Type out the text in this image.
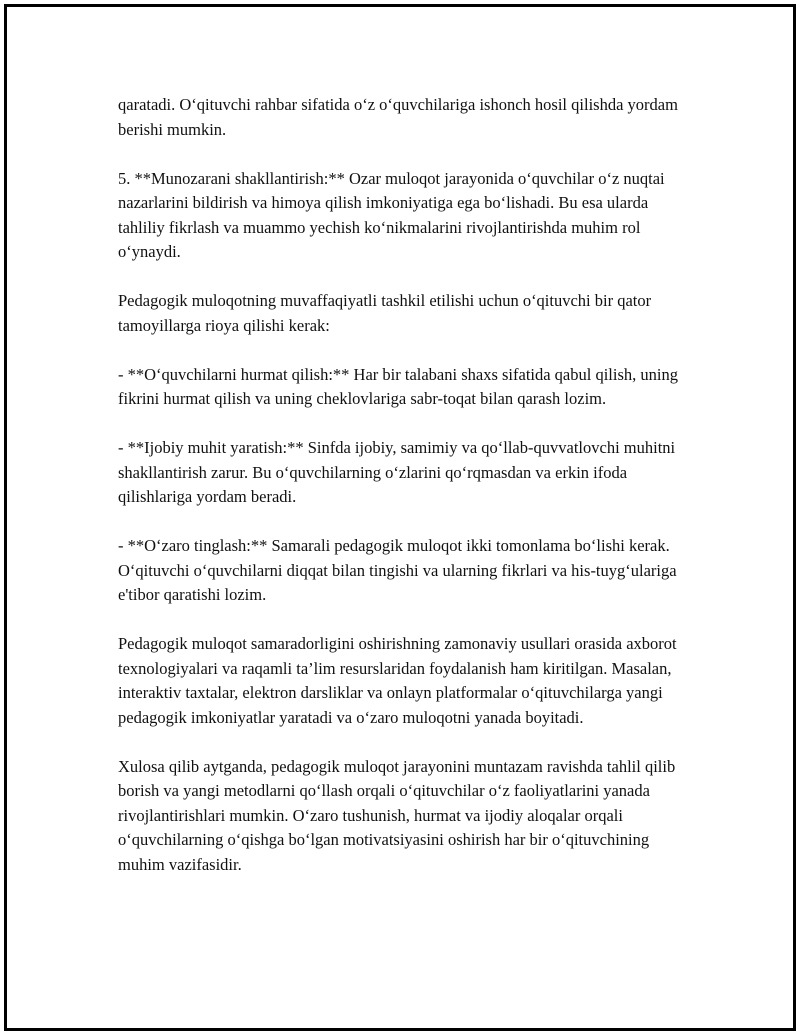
qaratadi. O‘qituvchi rahbar sifatida o‘z o‘quvchilariga ishonch hosil qilishda yordam berishi mumkin.

5. **Munozarani shakllantirish:** Ozar muloqot jarayonida o‘quvchilar o‘z nuqtai nazarlarini bildirish va himoya qilish imkoniyatiga ega bo‘lishadi. Bu esa ularda tahliliy fikrlash va muammo yechish ko‘nikmalarini rivojlantirishda muhim rol o‘ynaydi.

Pedagogik muloqotning muvaffaqiyatli tashkil etilishi uchun o‘qituvchi bir qator tamoyillarga rioya qilishi kerak:

- **O‘quvchilarni hurmat qilish:** Har bir talabani shaxs sifatida qabul qilish, uning fikrini hurmat qilish va uning cheklovlariga sabr-toqat bilan qarash lozim.

- **Ijobiy muhit yaratish:** Sinfda ijobiy, samimiy va qo‘llab-quvvatlovchi muhitni shakllantirish zarur. Bu o‘quvchilarning o‘zlarini qo‘rqmasdan va erkin ifoda qilishlariga yordam beradi.

- **O‘zaro tinglash:** Samarali pedagogik muloqot ikki tomonlama bo‘lishi kerak. O‘qituvchi o‘quvchilarni diqqat bilan tingishi va ularning fikrlari va his-tuyg‘ulariga e'tibor qaratishi lozim.

Pedagogik muloqot samaradorligini oshirishning zamonaviy usullari orasida axborot texnologiyalari va raqamli ta’lim resurslaridan foydalanish ham kiritilgan. Masalan, interaktiv taxtalar, elektron darsliklar va onlayn platformalar o‘qituvchilarga yangi pedagogik imkoniyatlar yaratadi va o‘zaro muloqotni yanada boyitadi.

Xulosa qilib aytganda, pedagogik muloqot jarayonini muntazam ravishda tahlil qilib borish va yangi metodlarni qo‘llash orqali o‘qituvchilar o‘z faoliyatlarini yanada rivojlantirishlari mumkin. O‘zaro tushunish, hurmat va ijodiy aloqalar orqali o‘quvchilarning o‘qishga bo‘lgan motivatsiyasini oshirish har bir o‘qituvchining muhim vazifasidir.
